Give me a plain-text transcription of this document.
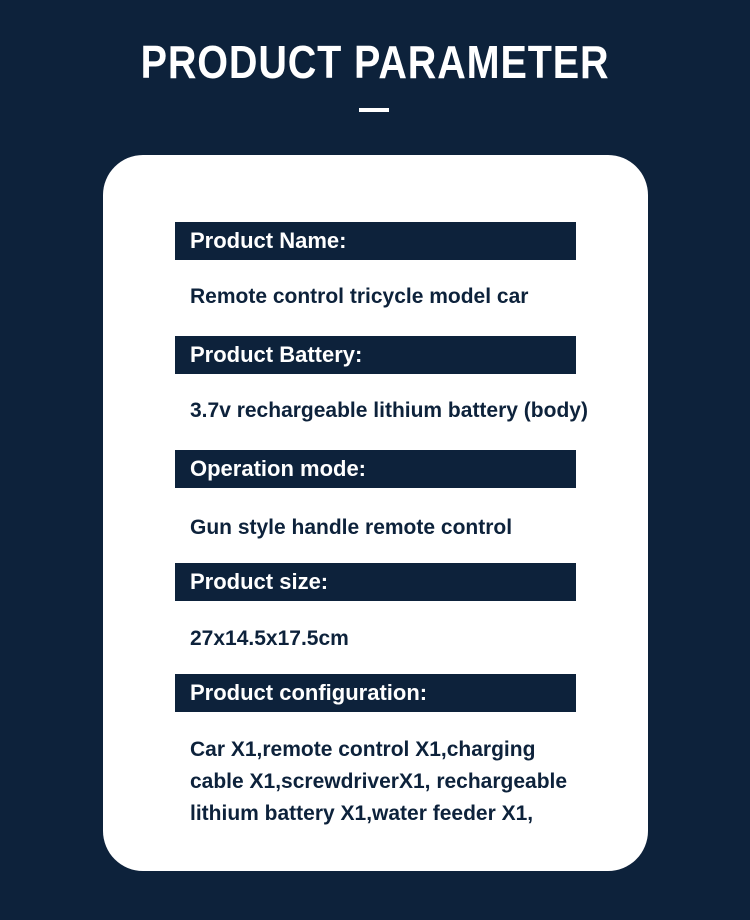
PRODUCT PARAMETER
Product Name:
Remote control tricycle model car
Product Battery:
3.7v rechargeable lithium battery (body)
Operation mode:
Gun style handle remote control
Product size:
27x14.5x17.5cm
Product configuration:
Car X1,remote control X1,charging
cable X1,screwdriverX1, rechargeable
lithium battery X1,water feeder X1,
